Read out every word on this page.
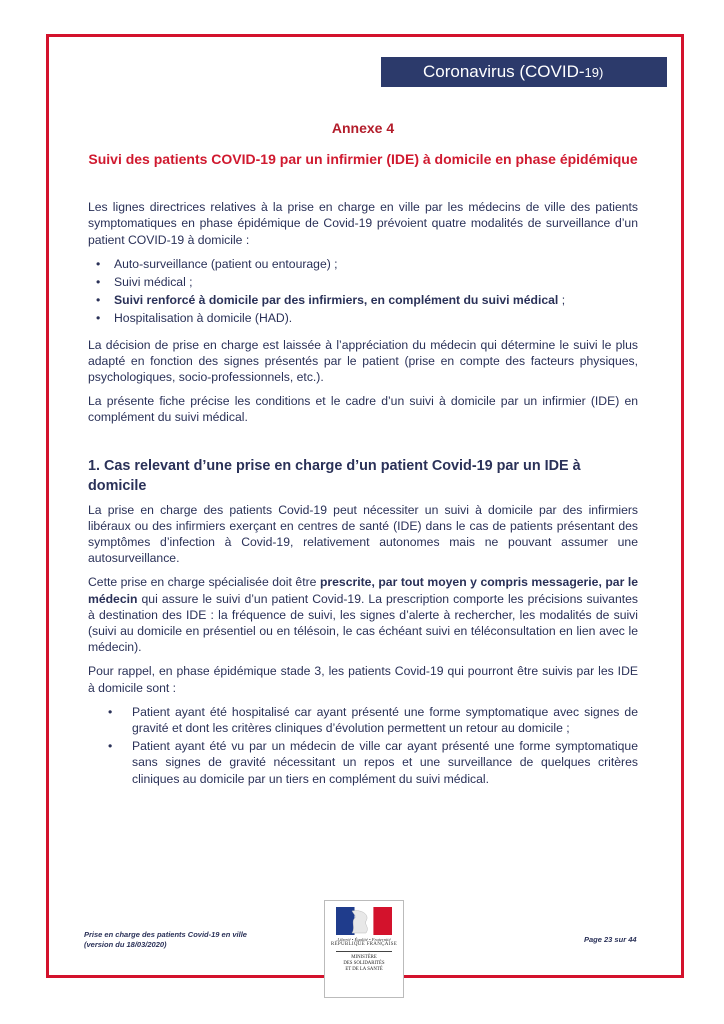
Coronavirus (COVID-19)
Annexe 4
Suivi des patients COVID-19 par un infirmier (IDE) à domicile en phase épidémique

Les lignes directrices relatives à la prise en charge en ville par les médecins de ville des patients symptomatiques en phase épidémique de Covid-19 prévoient quatre modalités de surveillance d’un patient COVID-19 à domicile :

• Auto-surveillance (patient ou entourage) ;
• Suivi médical ;
• Suivi renforcé à domicile par des infirmiers, en complément du suivi médical ;
• Hospitalisation à domicile (HAD).

La décision de prise en charge est laissée à l’appréciation du médecin qui détermine le suivi le plus adapté en fonction des signes présentés par le patient (prise en compte des facteurs physiques, psychologiques, socio-professionnels, etc.).

La présente fiche précise les conditions et le cadre d’un suivi à domicile par un infirmier (IDE) en complément du suivi médical.

1. Cas relevant d’une prise en charge d’un patient Covid-19 par un IDE à domicile

La prise en charge des patients Covid-19 peut nécessiter un suivi à domicile par des infirmiers libéraux ou des infirmiers exerçant en centres de santé (IDE) dans le cas de patients présentant des symptômes d’infection à Covid-19, relativement autonomes mais ne pouvant assumer une autosurveillance.

Cette prise en charge spécialisée doit être prescrite, par tout moyen y compris messagerie, par le médecin qui assure le suivi d’un patient Covid-19. La prescription comporte les précisions suivantes à destination des IDE : la fréquence de suivi, les signes d’alerte à rechercher, les modalités de suivi (suivi au domicile en présentiel ou en télésoin, le cas échéant suivi en téléconsultation en lien avec le médecin).

Pour rappel, en phase épidémique stade 3, les patients Covid-19 qui pourront être suivis par les IDE à domicile sont :

• Patient ayant été hospitalisé car ayant présenté une forme symptomatique avec signes de gravité et dont les critères cliniques d’évolution permettent un retour au domicile ;
• Patient ayant été vu par un médecin de ville car ayant présenté une forme symptomatique sans signes de gravité nécessitant un repos et une surveillance de quelques critères cliniques au domicile par un tiers en complément du suivi médical.
Prise en charge des patients Covid-19 en ville
(version du 18/03/2020)
Page 23 sur 44
Liberté • Égalité • Fraternité
RÉPUBLIQUE FRANÇAISE
MINISTÈRE
DES SOLIDARITÉS
ET DE LA SANTÉ
